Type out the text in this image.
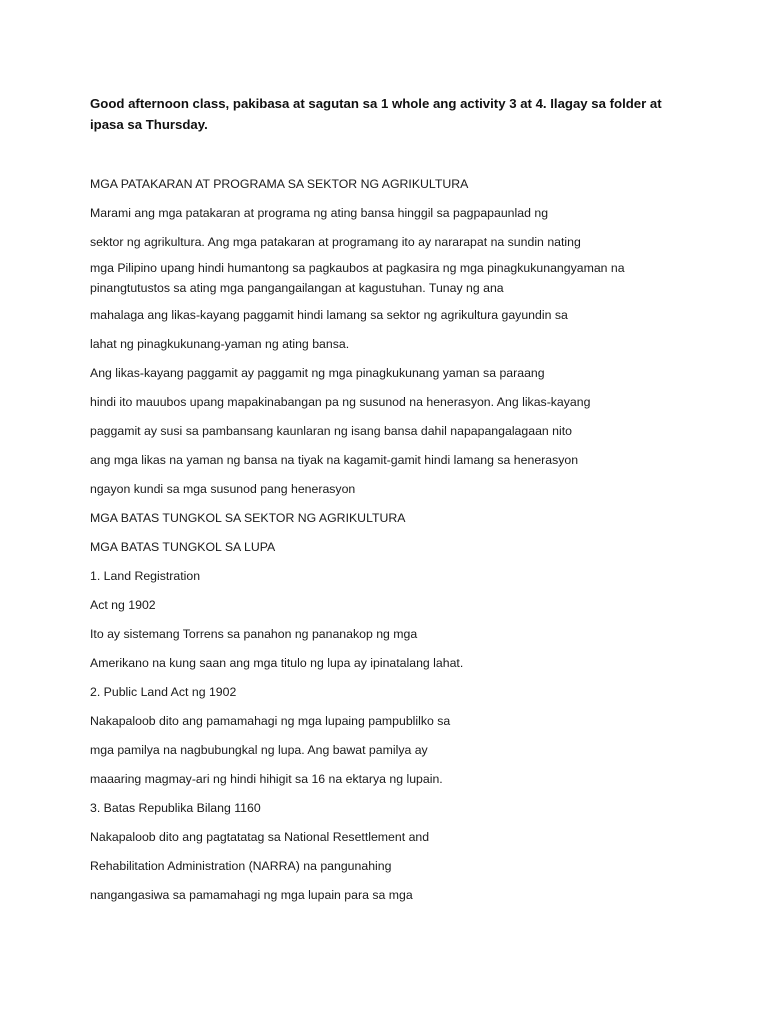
Good afternoon class, pakibasa at sagutan sa 1 whole ang activity 3 at 4. Ilagay sa folder at ipasa sa Thursday.
MGA PATAKARAN AT PROGRAMA SA SEKTOR NG AGRIKULTURA
Marami ang mga patakaran at programa ng ating bansa hinggil sa pagpapaunlad ng
sektor ng agrikultura. Ang mga patakaran at programang ito ay nararapat na sundin nating
mga Pilipino upang hindi humantong sa pagkaubos at pagkasira ng mga pinagkukunangyaman na
pinangtutustos sa ating mga pangangailangan at kagustuhan. Tunay ng ana
mahalaga ang likas-kayang paggamit hindi lamang sa sektor ng agrikultura gayundin sa
lahat ng pinagkukunang-yaman ng ating bansa.
Ang likas-kayang paggamit ay paggamit ng mga pinagkukunang yaman sa paraang
hindi ito mauubos upang mapakinabangan pa ng susunod na henerasyon. Ang likas-kayang
paggamit ay susi sa pambansang kaunlaran ng isang bansa dahil napapangalagaan nito
ang mga likas na yaman ng bansa na tiyak na kagamit-gamit hindi lamang sa henerasyon
ngayon kundi sa mga susunod pang henerasyon
MGA BATAS TUNGKOL SA SEKTOR NG AGRIKULTURA
MGA BATAS TUNGKOL SA LUPA
1. Land Registration
Act ng 1902
Ito ay sistemang Torrens sa panahon ng pananakop ng mga
Amerikano na kung saan ang mga titulo ng lupa ay ipinatalang lahat.
2. Public Land Act ng 1902
Nakapaloob dito ang pamamahagi ng mga lupaing pampublilko sa
mga pamilya na nagbubungkal ng lupa. Ang bawat pamilya ay
maaaring magmay-ari ng hindi hihigit sa 16 na ektarya ng lupain.
3. Batas Republika Bilang 1160
Nakapaloob dito ang pagtatatag sa National Resettlement and
Rehabilitation Administration (NARRA) na pangunahing
nangangasiwa sa pamamahagi ng mga lupain para sa mga
